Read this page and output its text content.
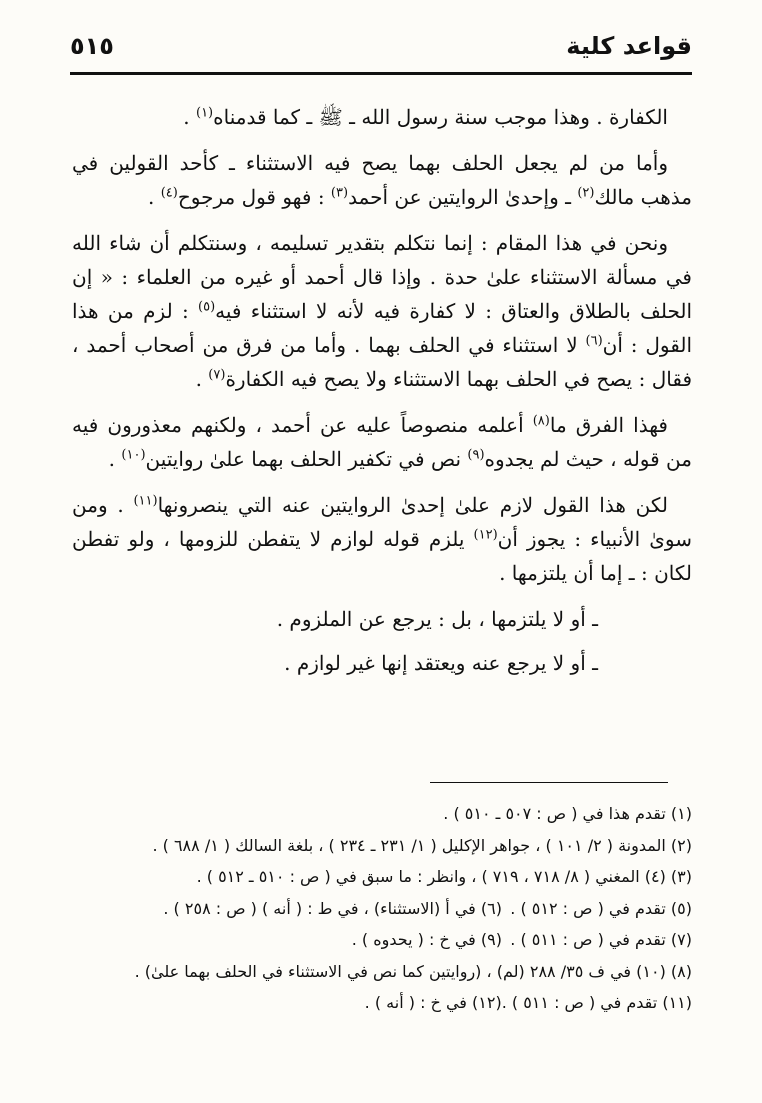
قواعد كلية
٥١٥

الكفارة . وهذا موجب سنة رسول الله ـ ﷺ ـ كما قدمناه$^{(١)}$ .

وأما من لم يجعل الحلف بهما يصح فيه الاستثناء ـ كأحد القولين في مذهب مالك$^{(٢)}$ ـ وإحدىٰ الروايتين عن أحمد$^{(٣)}$ : فهو قول مرجوح$^{(٤)}$ .

ونحن في هذا المقام : إنما نتكلم بتقدير تسليمه ، وسنتكلم أن شاء الله في مسألة الاستثناء علىٰ حدة . وإذا قال أحمد أو غيره من العلماء : « إن الحلف بالطلاق والعتاق : لا كفارة فيه لأنه لا استثناء فيه$^{(٥)}$ : لزم من هذا القول : أن$^{(٦)}$ لا استثناء في الحلف بهما . وأما من فرق من أصحاب أحمد ، فقال : يصح في الحلف بهما الاستثناء ولا يصح فيه الكفارة$^{(٧)}$ .

فهذا الفرق ما$^{(٨)}$ أعلمه منصوصاً عليه عن أحمد ، ولكنهم معذورون فيه من قوله ، حيث لم يجدوه$^{(٩)}$ نص في تكفير الحلف بهما علىٰ روايتين$^{(١٠)}$ .

لكن هذا القول لازم علىٰ إحدىٰ الروايتين عنه التي ينصرونها$^{(١١)}$ . ومن سوىٰ الأنبياء : يجوز أن$^{(١٢)}$ يلزم قوله لوازم لا يتفطن للزومها ، ولو تفطن لكان : ـ إما أن يلتزمها .

ـ أو لا يلتزمها ، بل : يرجع عن الملزوم .

ـ أو لا يرجع عنه ويعتقد إنها غير لوازم .

(١) تقدم هذا في ( ص : ٥٠٧ ـ ٥١٠ ) .
(٢) المدونة ( ٢/ ١٠١ ) ، جواهر الإكليل ( ١/ ٢٣١ ـ ٢٣٤ ) ، بلغة السالك ( ١/ ٦٨٨ ) .
(٣) (٤) المغني ( ٨/ ٧١٨ ، ٧١٩ ) ، وانظر : ما سبق في ( ص : ٥١٠ ـ ٥١٢ ) .
(٥) تقدم في ( ص : ٥١٢ ) .(٦) في أ (الاستثناء) ، في ط : ( أنه ) ( ص : ٢٥٨ ) .
(٧) تقدم في ( ص : ٥١١ ) .(٩) في خ : ( يحدوه ) .
(٨) (١٠) في ف ٣٥/ ٢٨٨ (لم) ، (روايتين كما نص في الاستثناء في الحلف بهما علىٰ) .
(١١) تقدم في ( ص : ٥١١ ) .(١٢) في خ : ( أنه ) .
